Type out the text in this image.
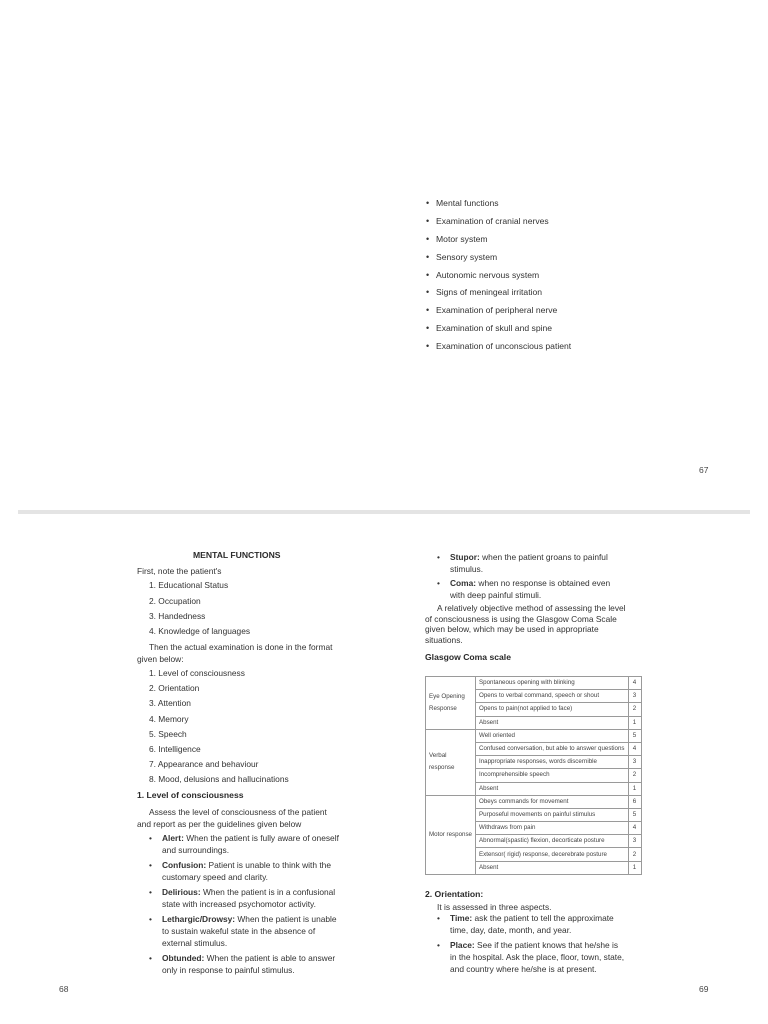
• Mental functions
• Examination of cranial nerves
• Motor system
• Sensory system
• Autonomic nervous system
• Signs of meningeal irritation
• Examination of peripheral nerve
• Examination of skull and spine
• Examination of unconscious patient
67
MENTAL FUNCTIONS
First, note the patient's
1. Educational Status
2. Occupation
3. Handedness
4. Knowledge of languages
Then the actual examination is done in the format
given below:
1. Level of consciousness
2. Orientation
3. Attention
4. Memory
5. Speech
6. Intelligence
7. Appearance and behaviour
8. Mood, delusions and hallucinations
1. Level of consciousness
Assess the level of consciousness of the patient
and report as per the guidelines given below
• Alert: When the patient is fully aware of oneself
and surroundings.
• Confusion: Patient is unable to think with the
customary speed and clarity.
• Delirious: When the patient is in a confusional
state with increased psychomotor activity.
• Lethargic/Drowsy: When the patient is unable
to sustain wakeful state in the absence of
external stimulus.
• Obtunded: When the patient is able to answer
only in response to painful stimulus.
68
• Stupor: when the patient groans to painful
stimulus.
• Coma: when no response is obtained even
with deep painful stimuli.
A relatively objective method of assessing the level
of consciousness is using the Glasgow Coma Scale
given below, which may be used in appropriate
situations.
Glasgow Coma scale
Eye Opening
Response	Spontaneous opening with blinking	4
	Opens to verbal command, speech or shout	3
	Opens to pain(not applied to face)	2
	Absent	1

Verbal
response	Well oriented	5
	Confused conversation, but able to answer questions	4
	Inappropriate responses, words discernible	3
	Incomprehensible speech	2
	Absent	1

Motor response	Obeys commands for movement	6
	Purposeful movements on painful stimulus	5
	Withdraws from pain	4
	Abnormal(spastic) flexion, decorticate posture	3
	Extensor( rigid) response, decerebrate posture	2
	Absent	1
2. Orientation:
It is assessed in three aspects.
• Time: ask the patient to tell the approximate
time, day, date, month, and year.
• Place: See if the patient knows that he/she is
in the hospital. Ask the place, floor, town, state,
and country where he/she is at present.
69
